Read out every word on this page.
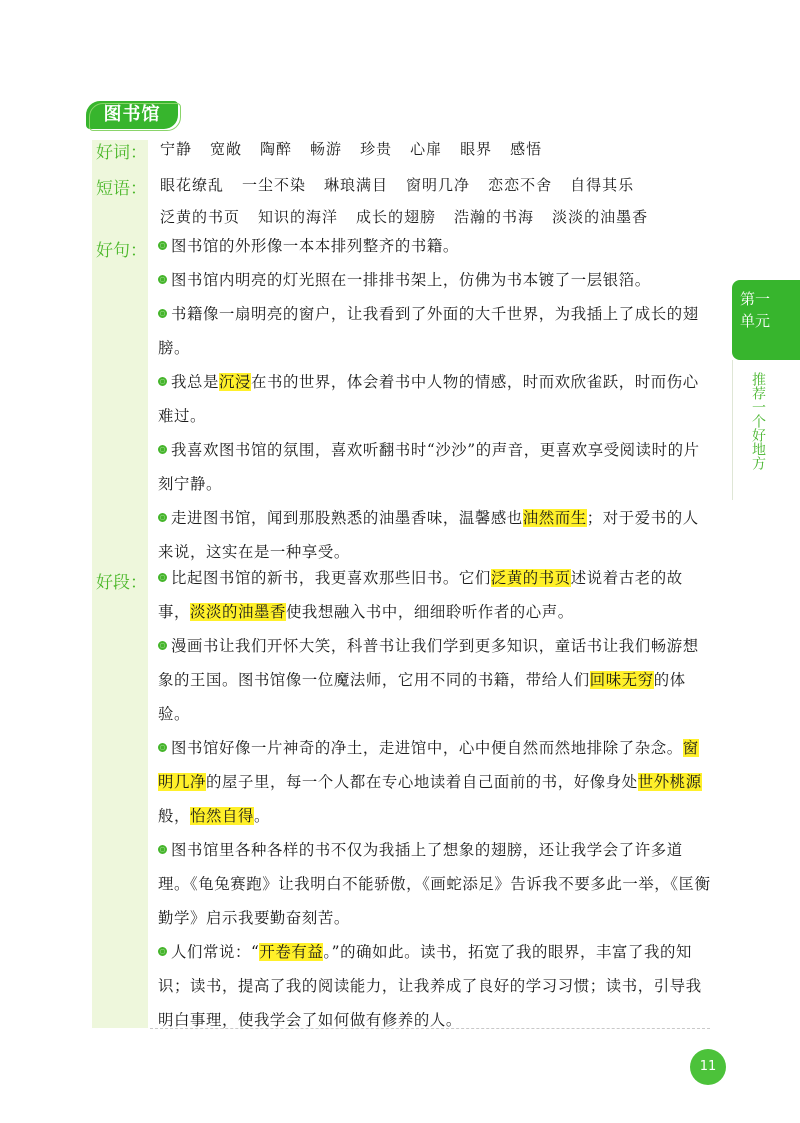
图书馆
好词： 宁静 宽敞 陶醉 畅游 珍贵 心扉 眼界 感悟
短语： 眼花缭乱 一尘不染 琳琅满目 窗明几净 恋恋不舍 自得其乐
泛黄的书页 知识的海洋 成长的翅膀 浩瀚的书海 淡淡的油墨香
好句：	图书馆的外形像一本本排列整齐的书籍。
图书馆内明亮的灯光照在一排排书架上，仿佛为书本镀了一层银箔。
书籍像一扇明亮的窗户，让我看到了外面的大千世界，为我插上了成长的翅膀。
我总是沉浸在书的世界，体会着书中人物的情感，时而欢欣雀跃，时而伤心难过。
我喜欢图书馆的氛围，喜欢听翻书时“沙沙”的声音，更喜欢享受阅读时的片刻宁静。
走进图书馆，闻到那股熟悉的油墨香味，温馨感也油然而生；对于爱书的人来说，这实在是一种享受。
好段：	比起图书馆的新书，我更喜欢那些旧书。它们泛黄的书页述说着古老的故事，淡淡的油墨香使我想融入书中，细细聆听作者的心声。
漫画书让我们开怀大笑，科普书让我们学到更多知识，童话书让我们畅游想象的王国。图书馆像一位魔法师，它用不同的书籍，带给人们回味无穷的体验。
图书馆好像一片神奇的净土，走进馆中，心中便自然而然地排除了杂念。窗明几净的屋子里，每一个人都在专心地读着自己面前的书，好像身处世外桃源般，怡然自得。
图书馆里各种各样的书不仅为我插上了想象的翅膀，还让我学会了许多道理。《龟兔赛跑》让我明白不能骄傲，《画蛇添足》告诉我不要多此一举，《匡衡勤学》启示我要勤奋刻苦。
人们常说：“开卷有益。”的确如此。读书，拓宽了我的眼界，丰富了我的知识；读书，提高了我的阅读能力，让我养成了良好的学习习惯；读书，引导我明白事理，使我学会了如何做有修养的人。
第一
单元
推荐一个好地方
11
